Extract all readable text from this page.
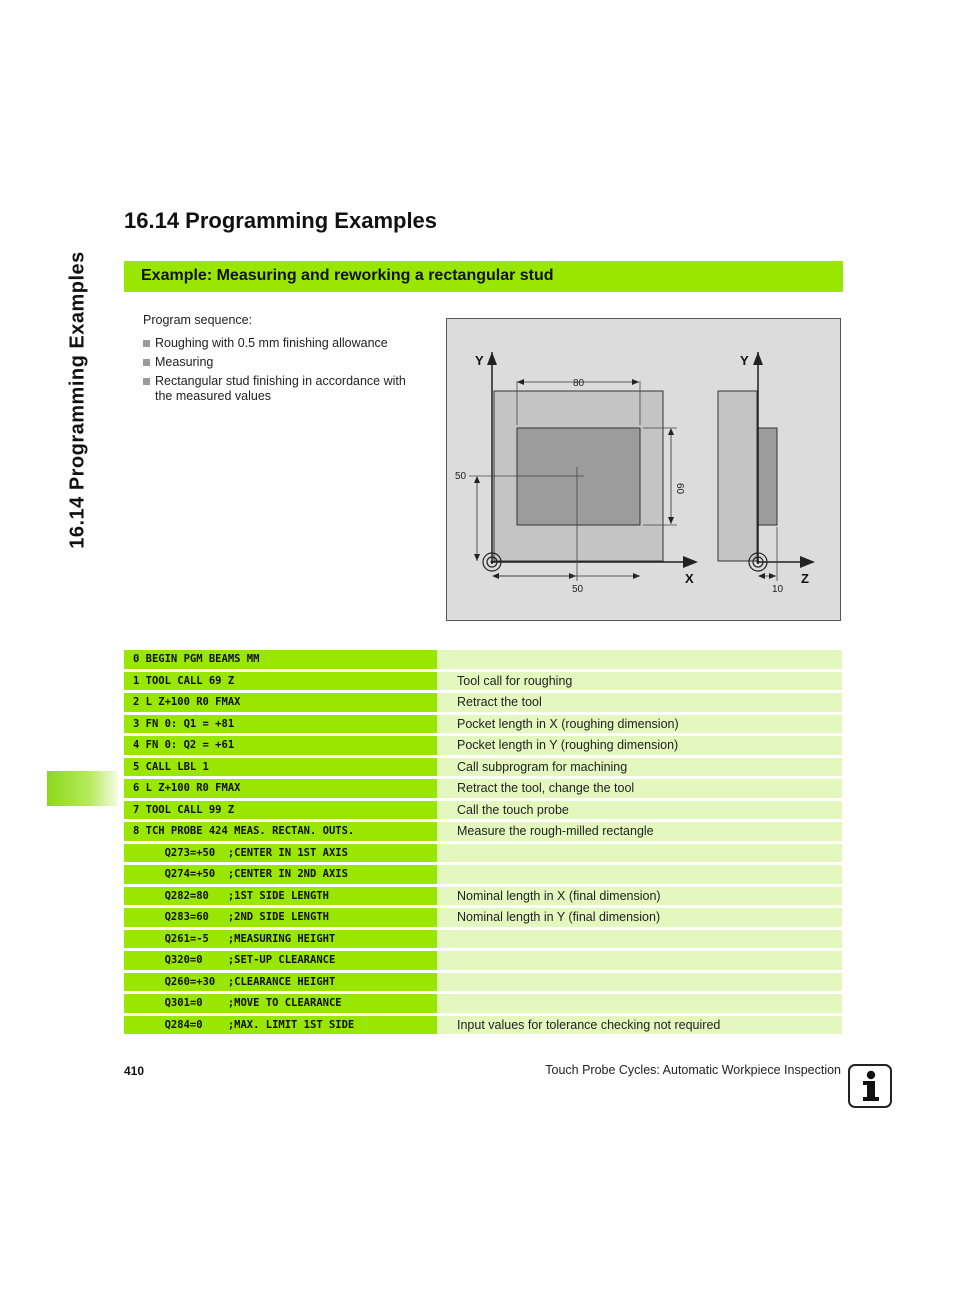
16.14 Programming Examples
16.14 Programming Examples
Example: Measuring and reworking a rectangular stud
Program sequence:
Roughing with 0.5 mm finishing allowance
Measuring
Rectangular stud finishing in accordance with the measured values
Y
X
Y
Z
80
60
50
50	10
0 BEGIN PGM BEAMS MM	
1 TOOL CALL 69 Z	Tool call for roughing
2 L Z+100 R0 FMAX	Retract the tool
3 FN 0: Q1 = +81	Pocket length in X (roughing dimension)
4 FN 0: Q2 = +61	Pocket length in Y (roughing dimension)
5 CALL LBL 1	Call subprogram for machining
6 L Z+100 R0 FMAX	Retract the tool, change the tool
7 TOOL CALL 99 Z	Call the touch probe
8 TCH PROBE 424 MEAS. RECTAN. OUTS.	Measure the rough-milled rectangle
Q273=+50  ;CENTER IN 1ST AXIS	
Q274=+50  ;CENTER IN 2ND AXIS	
Q282=80   ;1ST SIDE LENGTH	Nominal length in X (final dimension)
Q283=60   ;2ND SIDE LENGTH	Nominal length in Y (final dimension)
Q261=-5   ;MEASURING HEIGHT	
Q320=0    ;SET-UP CLEARANCE	
Q260=+30  ;CLEARANCE HEIGHT	
Q301=0    ;MOVE TO CLEARANCE	
Q284=0    ;MAX. LIMIT 1ST SIDE	Input values for tolerance checking not required
410	Touch Probe Cycles: Automatic Workpiece Inspection
